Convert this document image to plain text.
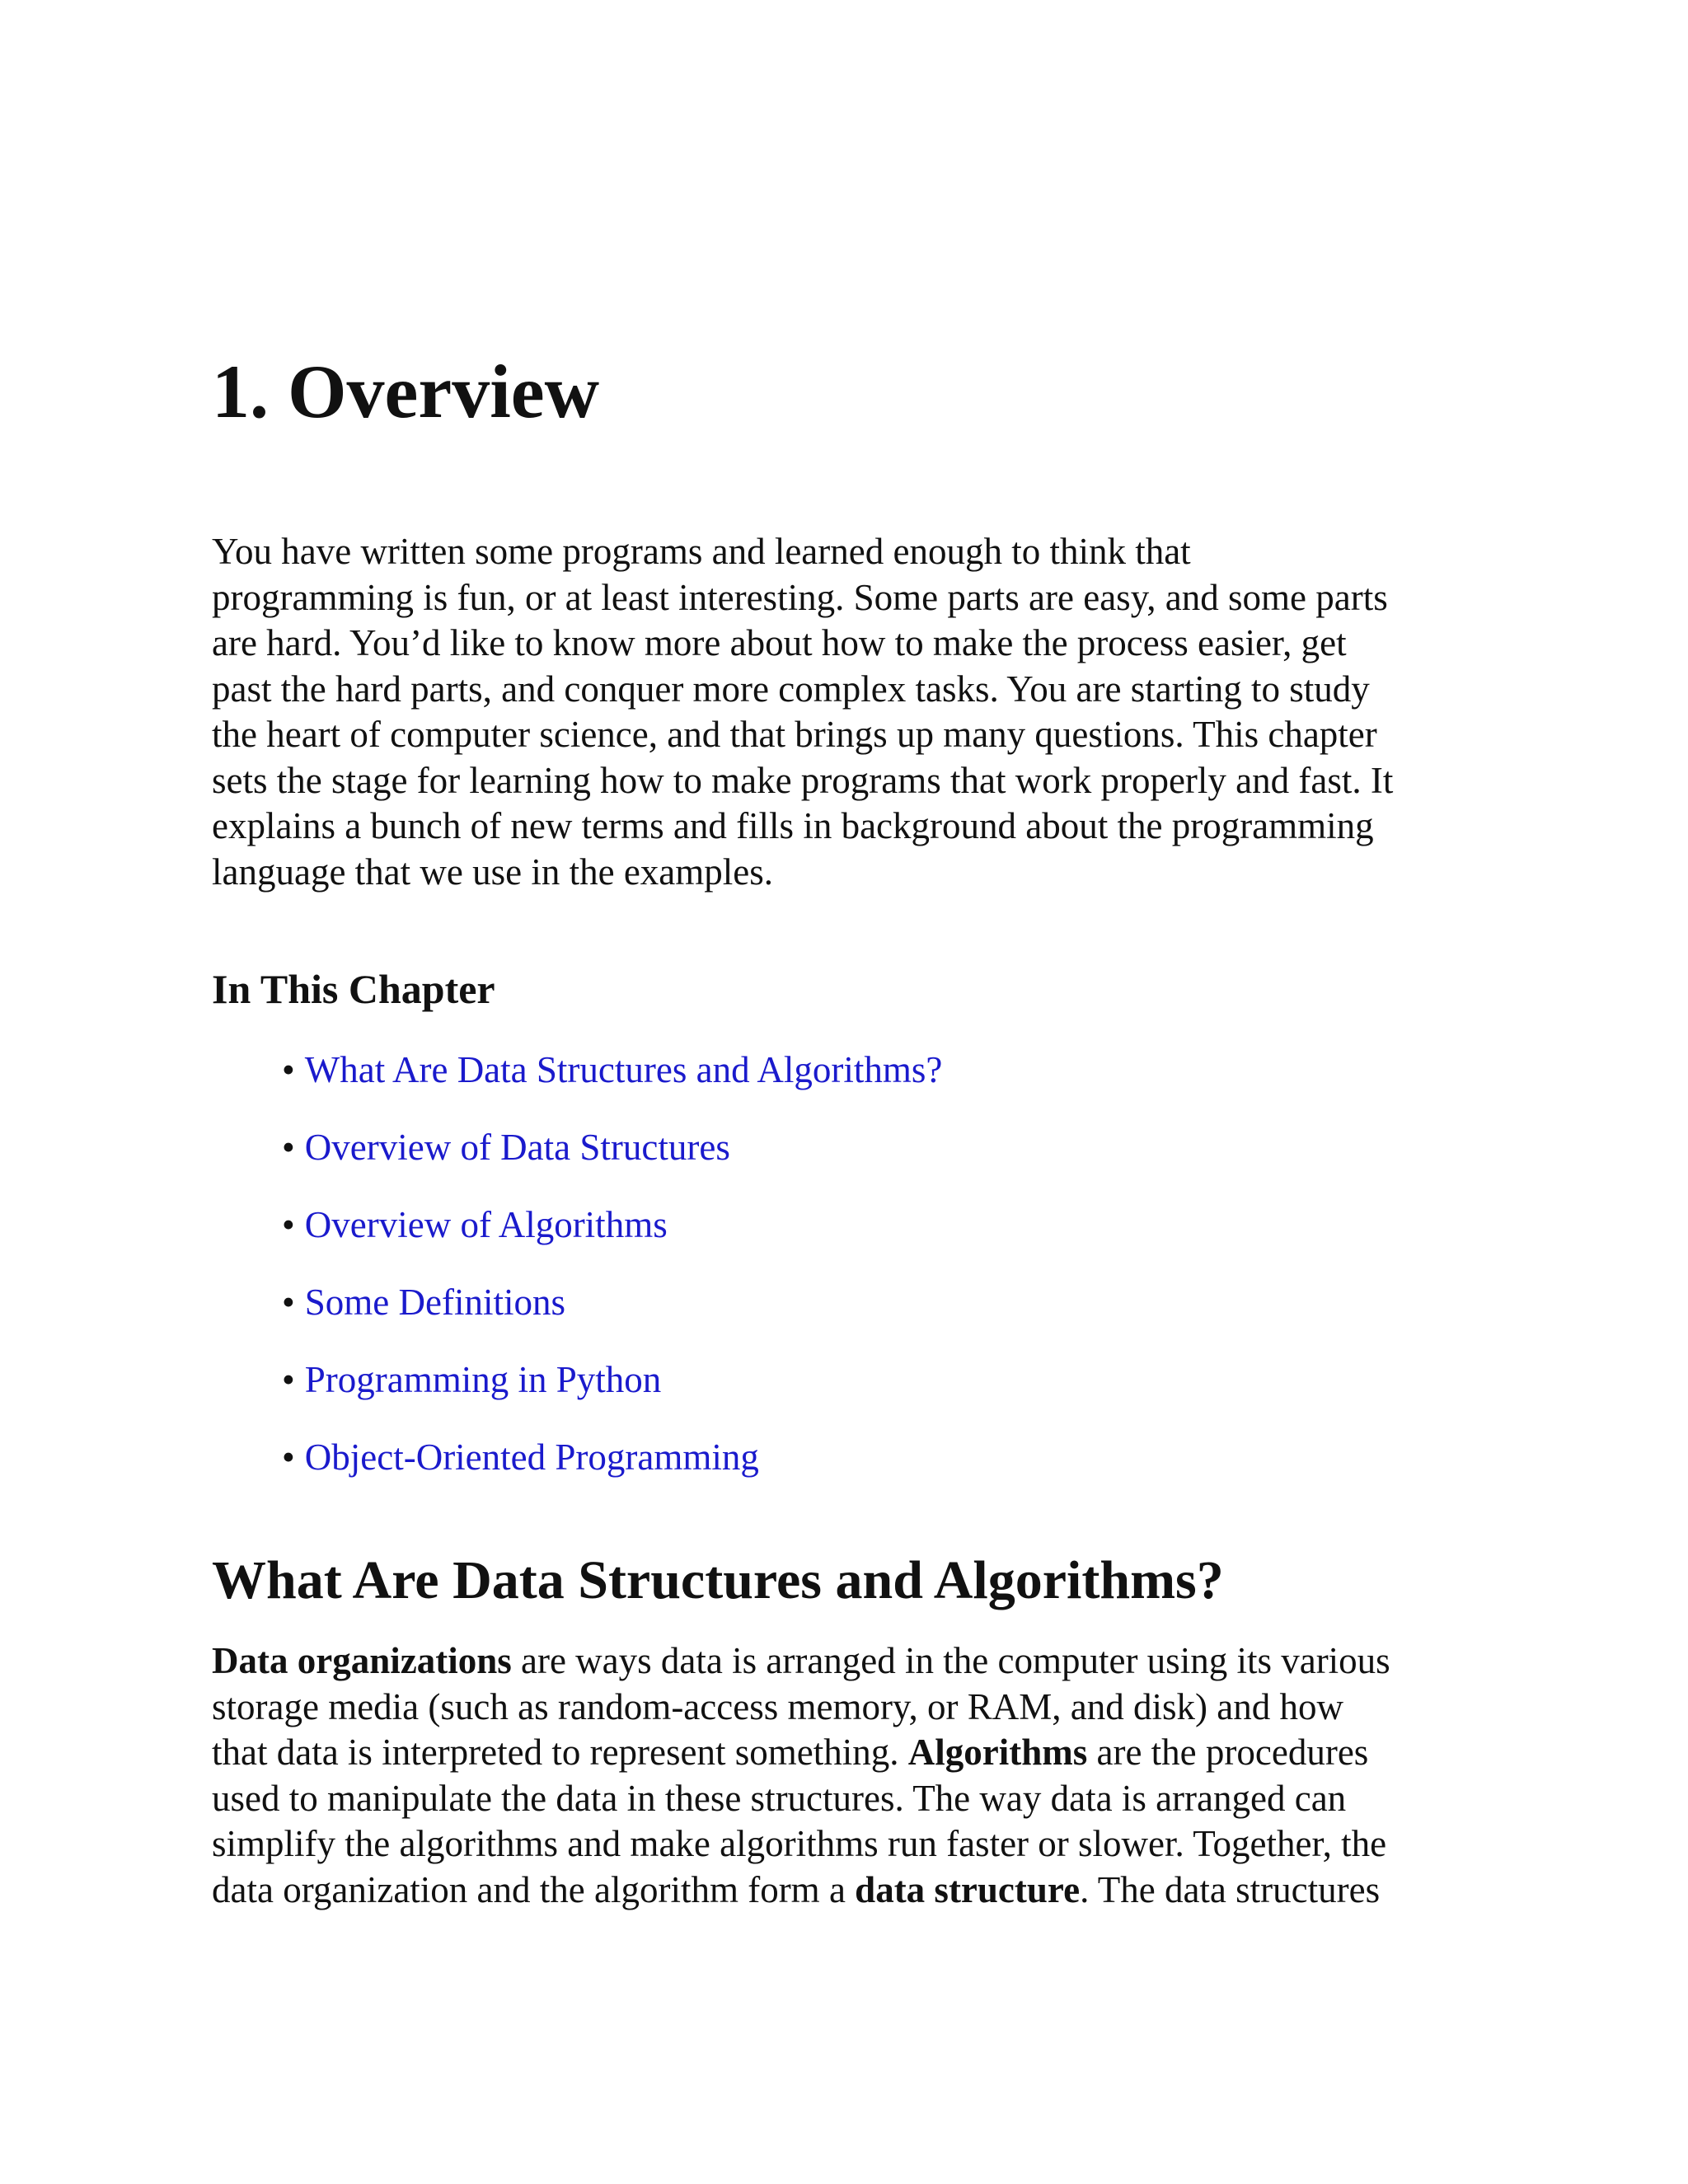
1. Overview

You have written some programs and learned enough to think that
programming is fun, or at least interesting. Some parts are easy, and some parts
are hard. You’d like to know more about how to make the process easier, get
past the hard parts, and conquer more complex tasks. You are starting to study
the heart of computer science, and that brings up many questions. This chapter
sets the stage for learning how to make programs that work properly and fast. It
explains a bunch of new terms and fills in background about the programming
language that we use in the examples.

In This Chapter
• What Are Data Structures and Algorithms?
• Overview of Data Structures
• Overview of Algorithms
• Some Definitions
• Programming in Python
• Object-Oriented Programming
What Are Data Structures and Algorithms?

Data organizations are ways data is arranged in the computer using its various
storage media (such as random-access memory, or RAM, and disk) and how
that data is interpreted to represent something. Algorithms are the procedures
used to manipulate the data in these structures. The way data is arranged can
simplify the algorithms and make algorithms run faster or slower. Together, the
data organization and the algorithm form a data structure. The data structures
